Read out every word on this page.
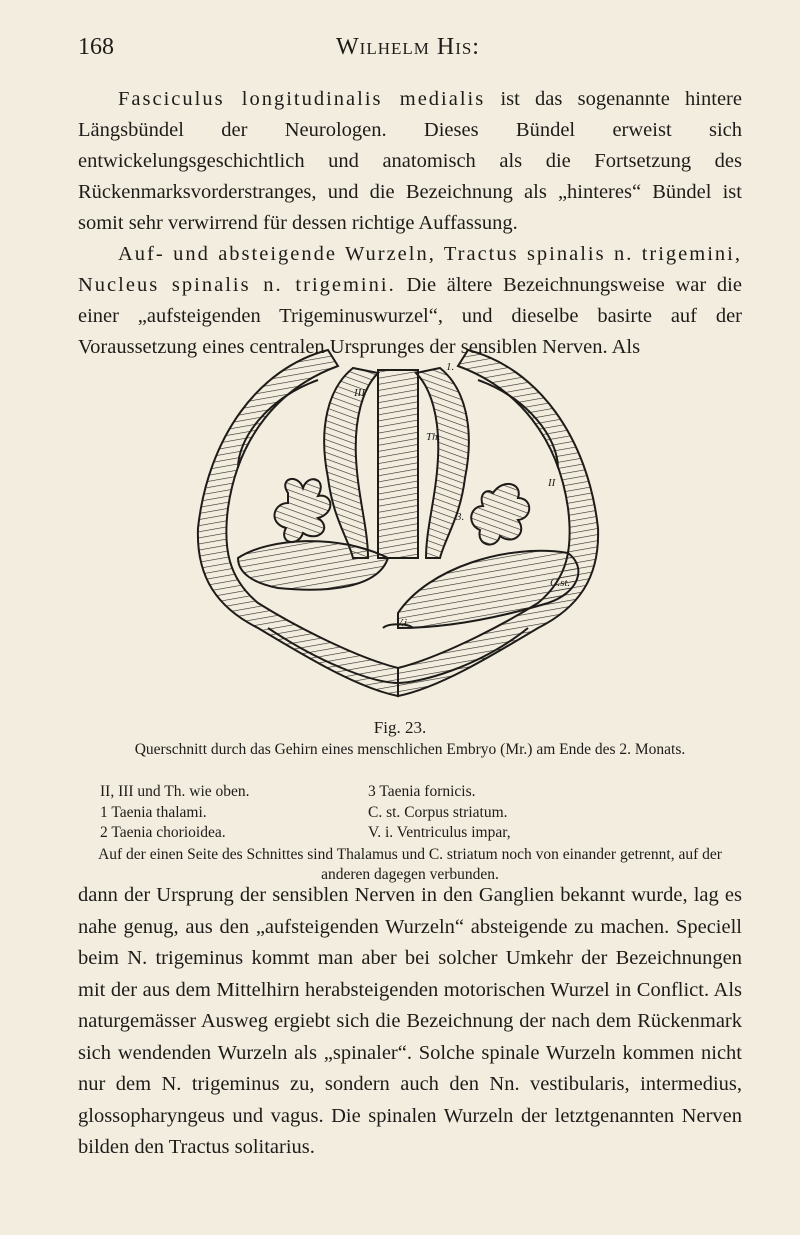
168	Wilhelm His:

Fasciculus longitudinalis medialis ist das sogenannte hintere Längsbündel der Neurologen. Dieses Bündel erweist sich entwickelungsgeschichtlich und anatomisch als die Fortsetzung des Rückenmarksvorderstranges, und die Bezeichnung als „hinteres“ Bündel ist somit sehr verwirrend für dessen richtige Auffassung.

Auf- und absteigende Wurzeln, Tractus spinalis n. trigemini, Nucleus spinalis n. trigemini. Die ältere Bezeichnungsweise war die einer „aufsteigenden Trigeminuswurzel“, und dieselbe basirte auf der Voraussetzung eines centralen Ursprunges der sensiblen Nerven. Als

1.
III
Th.
II
3.
C.st.
V.i.
Fig. 23.
Querschnitt durch das Gehirn eines menschlichen Embryo (Mr.) am Ende des 2. Monats.
II, III und Th. wie oben.
1 Taenia thalami.
2 Taenia chorioidea.
3 Taenia fornicis.
C. st. Corpus striatum.
V. i. Ventriculus impar,
Auf der einen Seite des Schnittes sind Thalamus und C. striatum noch von einander getrennt, auf der anderen dagegen verbunden.

dann der Ursprung der sensiblen Nerven in den Ganglien bekannt wurde, lag es nahe genug, aus den „aufsteigenden Wurzeln“ absteigende zu machen. Speciell beim N. trigeminus kommt man aber bei solcher Umkehr der Bezeichnungen mit der aus dem Mittelhirn herabsteigenden motorischen Wurzel in Conflict. Als naturgemässer Ausweg ergiebt sich die Bezeichnung der nach dem Rückenmark sich wendenden Wurzeln als „spinaler“. Solche spinale Wurzeln kommen nicht nur dem N. trigeminus zu, sondern auch den Nn. vestibularis, intermedius, glossopharyngeus und vagus. Die spinalen Wurzeln der letztgenannten Nerven bilden den Tractus solitarius.
